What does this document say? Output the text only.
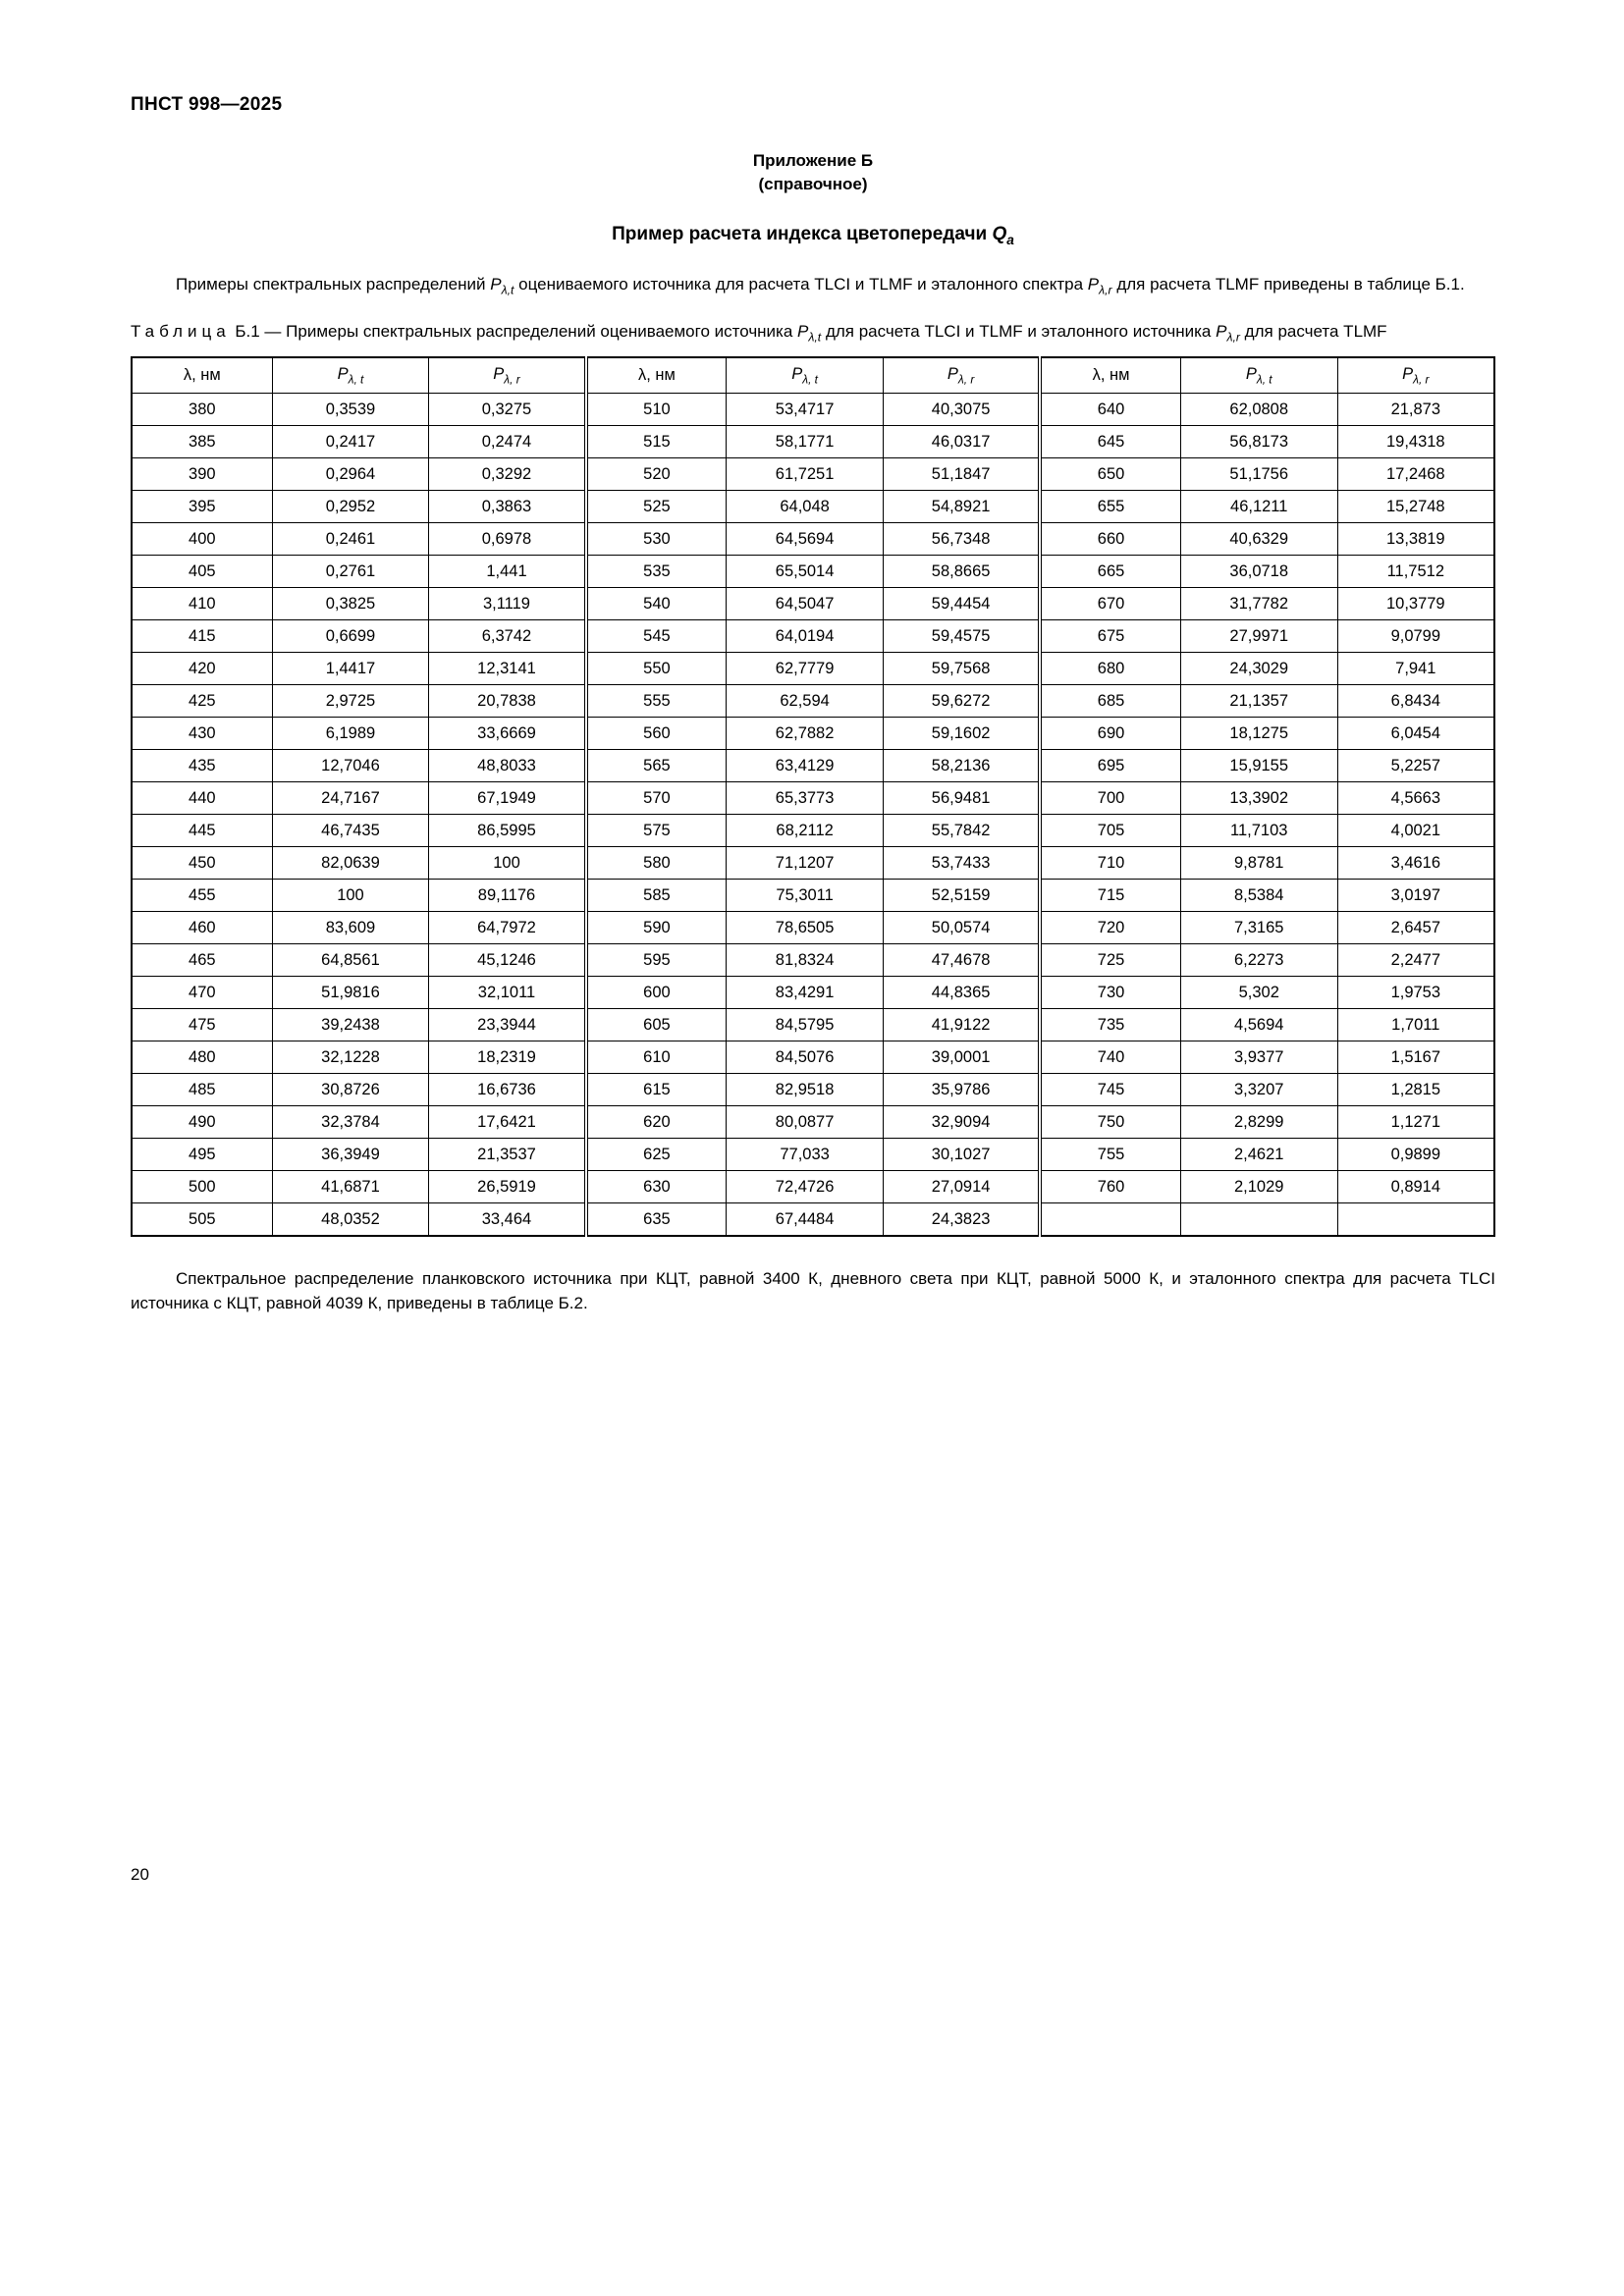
ПНСТ 998—2025
Приложение Б
(справочное)
Пример расчета индекса цветопередачи $Q_a$

Примеры спектральных распределений $P_{\lambda,t}$ оцениваемого источника для расчета TLCI и TLMF и эталонного спектра $P_{\lambda,r}$ для расчета TLMF приведены в таблице Б.1.

Таблица Б.1 — Примеры спектральных распределений оцениваемого источника $P_{\lambda,t}$ для расчета TLCI и TLMF и эталонного источника $P_{\lambda,r}$ для расчета TLMF

λ, нм	$P_{\lambda, t}$	$P_{\lambda, r}$	λ, нм	$P_{\lambda, t}$	$P_{\lambda, r}$	λ, нм	$P_{\lambda, t}$	$P_{\lambda, r}$
380	0,3539	0,3275	510	53,4717	40,3075	640	62,0808	21,873
385	0,2417	0,2474	515	58,1771	46,0317	645	56,8173	19,4318
390	0,2964	0,3292	520	61,7251	51,1847	650	51,1756	17,2468
395	0,2952	0,3863	525	64,048	54,8921	655	46,1211	15,2748
400	0,2461	0,6978	530	64,5694	56,7348	660	40,6329	13,3819
405	0,2761	1,441	535	65,5014	58,8665	665	36,0718	11,7512
410	0,3825	3,1119	540	64,5047	59,4454	670	31,7782	10,3779
415	0,6699	6,3742	545	64,0194	59,4575	675	27,9971	9,0799
420	1,4417	12,3141	550	62,7779	59,7568	680	24,3029	7,941
425	2,9725	20,7838	555	62,594	59,6272	685	21,1357	6,8434
430	6,1989	33,6669	560	62,7882	59,1602	690	18,1275	6,0454
435	12,7046	48,8033	565	63,4129	58,2136	695	15,9155	5,2257
440	24,7167	67,1949	570	65,3773	56,9481	700	13,3902	4,5663
445	46,7435	86,5995	575	68,2112	55,7842	705	11,7103	4,0021
450	82,0639	100	580	71,1207	53,7433	710	9,8781	3,4616
455	100	89,1176	585	75,3011	52,5159	715	8,5384	3,0197
460	83,609	64,7972	590	78,6505	50,0574	720	7,3165	2,6457
465	64,8561	45,1246	595	81,8324	47,4678	725	6,2273	2,2477
470	51,9816	32,1011	600	83,4291	44,8365	730	5,302	1,9753
475	39,2438	23,3944	605	84,5795	41,9122	735	4,5694	1,7011
480	32,1228	18,2319	610	84,5076	39,0001	740	3,9377	1,5167
485	30,8726	16,6736	615	82,9518	35,9786	745	3,3207	1,2815
490	32,3784	17,6421	620	80,0877	32,9094	750	2,8299	1,1271
495	36,3949	21,3537	625	77,033	30,1027	755	2,4621	0,9899
500	41,6871	26,5919	630	72,4726	27,0914	760	2,1029	0,8914
505	48,0352	33,464	635	67,4484	24,3823			

Спектральное распределение планковского источника при КЦТ, равной 3400 К, дневного света при КЦТ, равной 5000 К, и эталонного спектра для расчета TLCI источника с КЦТ, равной 4039 К, приведены в таблице Б.2.

20
